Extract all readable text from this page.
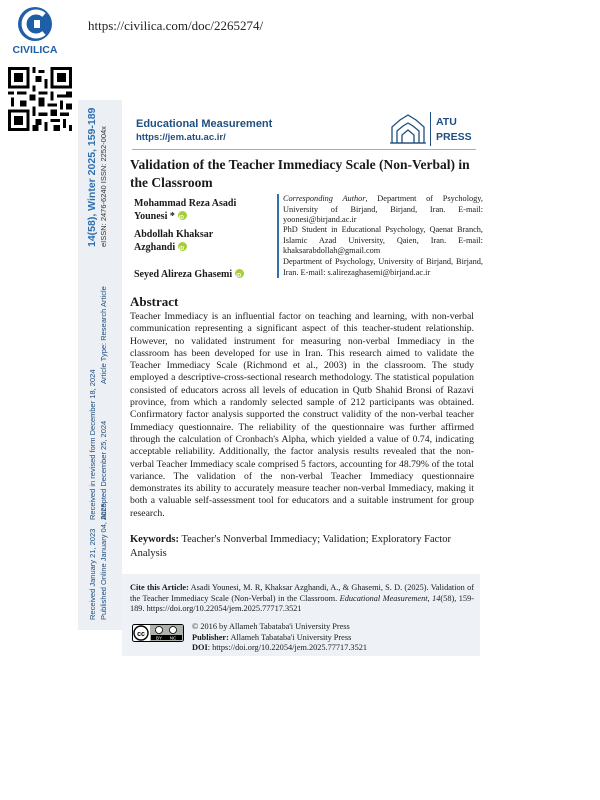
CIVILICA
https://civilica.com/doc/2265274/
14(58), Winter 2025, 159-189 eISSN: 2476-6240 ISSN: 2252-004x
Article Type: Research Article
Received in revised form December 18, 2024 Accepted December 25, 2024
Received January 21, 2023 Published Online January 04, 2025
Educational Measurement
https://jem.atu.ac.ir/
ATU
PRESS
Validation of the Teacher Immediacy Scale (Non-Verbal) in the Classroom
Mohammad Reza Asadi
Younesi *iD
Corresponding Author, Department of Psychology, University of Birjand, Birjand, Iran. E-mail: yoonesi@birjand.ac.ir
Abdollah Khaksar
AzghandiiD
PhD Student in Educational Psychology, Qaenat Branch, Islamic Azad University, Qaien, Iran. E-mail: khaksarabdollah@gmail.com
Seyed Alireza GhasemiiD
Department of Psychology, University of Birjand, Birjand, Iran. E-mail: s.alirezaghasemi@birjand.ac.ir
Abstract
Teacher Immediacy is an influential factor on teaching and learning, with non-verbal communication representing a significant aspect of this teacher-student relationship. However, no validated instrument for measuring non-verbal Immediacy in the classroom has been developed for use in Iran. This research aimed to validate the Teacher Immediacy Scale (Richmond et al., 2003) in the classroom. The study employed a descriptive-cross-sectional research methodology. The statistical population consisted of educators across all levels of education in Qutb Shahid Bronsi of Razavi province, from which a randomly selected sample of 212 participants was obtained. Confirmatory factor analysis supported the construct validity of the non-verbal teacher Immediacy questionnaire. The reliability of the questionnaire was further affirmed through the calculation of Cronbach's Alpha, which yielded a value of 0.74, indicating acceptable reliability. Additionally, the factor analysis results revealed that the non-verbal Teacher Immediacy scale comprised 5 factors, accounting for 48.79% of the total variance. The validation of the non-verbal Teacher Immediacy questionnaire demonstrates its ability to accurately measure teacher non-verbal Immediacy, making it both a valuable self-assessment tool for educators and a suitable instrument for group research.
Keywords: Teacher's Nonverbal Immediacy; Validation; Exploratory Factor Analysis
Cite this Article: Asadi Younesi, M. R, Khaksar Azghandi, A., & Ghasemi, S. D. (2025). Validation of the Teacher Immediacy Scale (Non-Verbal) in the Classroom. Educational Measurement, 14(58), 159-189. https://doi.org/10.22054/jem.2025.77717.3521
cc BY NC
© 2016 by Allameh Tabataba'i University Press
Publisher: Allameh Tabataba'i University Press
DOI: https://doi.org/10.22054/jem.2025.77717.3521
